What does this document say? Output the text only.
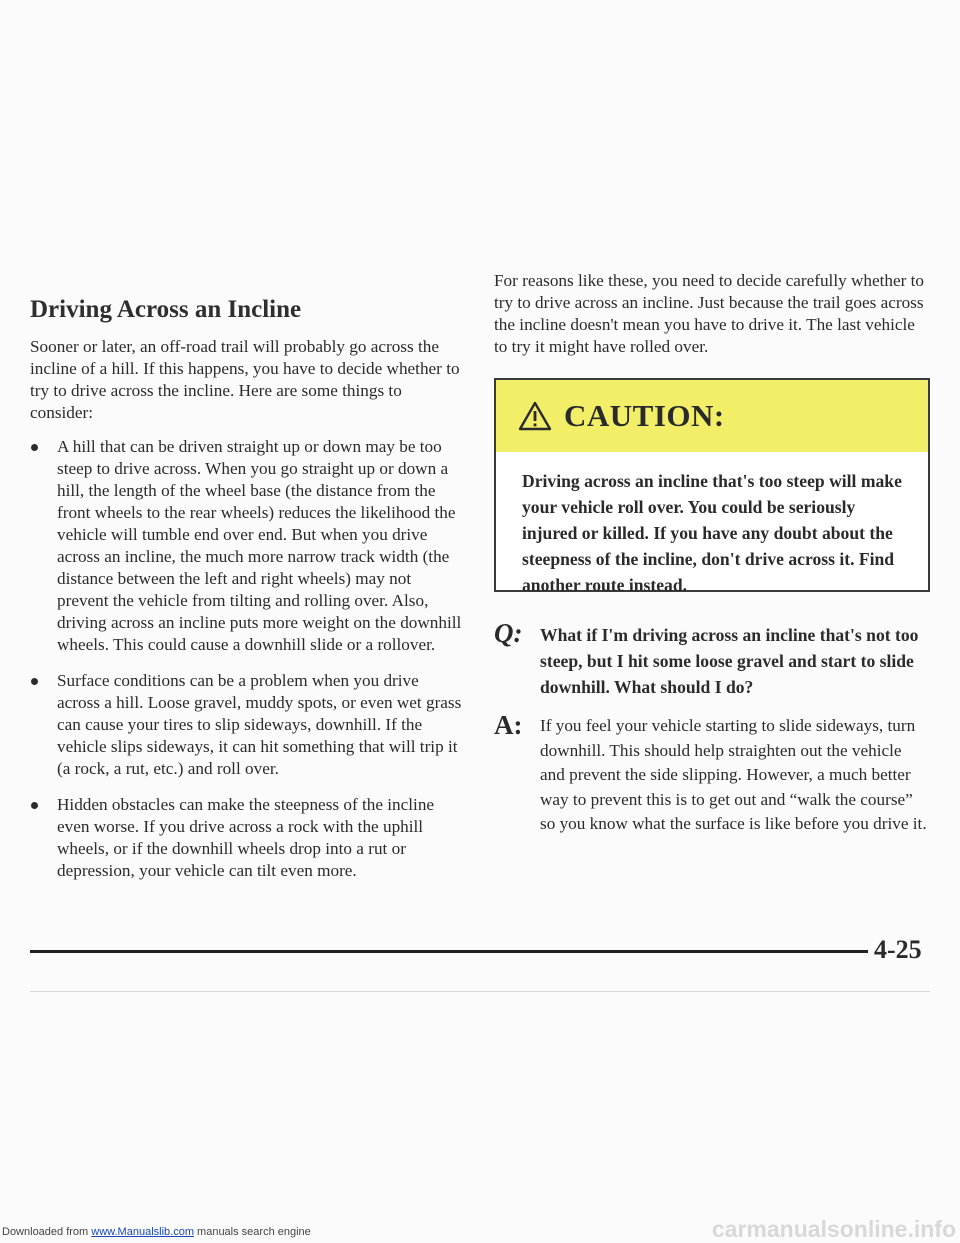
Driving Across an Incline

Sooner or later, an off-road trail will probably go across the incline of a hill. If this happens, you have to decide whether to try to drive across the incline. Here are some things to consider:

A hill that can be driven straight up or down may be too steep to drive across. When you go straight up or down a hill, the length of the wheel base (the distance from the front wheels to the rear wheels) reduces the likelihood the vehicle will tumble end over end. But when you drive across an incline, the much more narrow track width (the distance between the left and right wheels) may not prevent the vehicle from tilting and rolling over. Also, driving across an incline puts more weight on the downhill wheels. This could cause a downhill slide or a rollover.
Surface conditions can be a problem when you drive across a hill. Loose gravel, muddy spots, or even wet grass can cause your tires to slip sideways, downhill. If the vehicle slips sideways, it can hit something that will trip it (a rock, a rut, etc.) and roll over.
Hidden obstacles can make the steepness of the incline even worse. If you drive across a rock with the uphill wheels, or if the downhill wheels drop into a rut or depression, your vehicle can tilt even more.

For reasons like these, you need to decide carefully whether to try to drive across an incline. Just because the trail goes across the incline doesn't mean you have to drive it. The last vehicle to try it might have rolled over.

CAUTION:
Driving across an incline that's too steep will make your vehicle roll over. You could be seriously injured or killed. If you have any doubt about the steepness of the incline, don't drive across it. Find another route instead.
Q: What if I'm driving across an incline that's not too steep, but I hit some loose gravel and start to slide downhill. What should I do?
A: If you feel your vehicle starting to slide sideways, turn downhill. This should help straighten out the vehicle and prevent the side slipping. However, a much better way to prevent this is to get out and “walk the course” so you know what the surface is like before you drive it.
4-25
Downloaded from www.Manualslib.com manuals search engine	carmanualsonline.info
